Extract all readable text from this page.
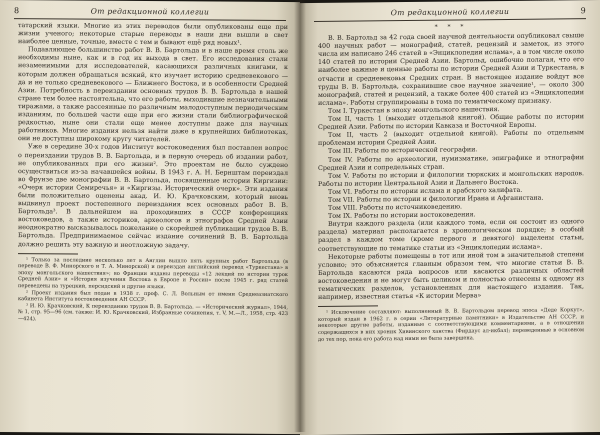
8	От редакционной коллегии

татарский языки. Многие из этих переводов были опубликованы еще при жизни ученого; некоторые старые переводы в наши дни вышли в свет наиболее ценные, точные, вместе с тем и бывают ещё ряд новых¹.

Подавляющее большинство работ В. В. Бартольда и в наше время столь же необходимы ныне, как и в год их выхода в свет. Его исследования стали незаменимыми для исследователей, касающихся различных книгами, к которым должен обращаться всякий, кто изучает историю средневекового — да и не только средневекового — Ближнего Востока, и в особенности Средней Азии. Потребность в переиздании основных трудов В. В. Бартольда в нашей стране тем более настоятельна, что его работы, выходившие незначительными тиражами, а также рассеянные по различным малодоступным периодическим изданиям, по большей части еще при его жизни стали библиографической редкостью, ныне они стали еще менее доступны даже для научных работников. Многие издания нельзя найти даже в крупнейших библиотеках, они не доступны широкому кругу читателей.

Уже в середине 30-х годов Институт востоковедения был поставлен вопрос о переиздании трудов В. В. Бартольда, и в первую очередь об издании работ, не опубликованных при его жизни². Это проектам не было суждено осуществиться из-за начавшейся войны. В 1943 г. А. Н. Бернштам переиздал во Фрунзе две монографии В. В. Бартольда, посвященные истории Киргизии: «Очерк истории Семиречья» и «Киргизы. Исторический очерк». Эти издания были положительно оценены акад. И. Ю. Крачковским, который вновь выдвинул проект постепенного переиздания всех основных работ В. В. Бартольда³. В дальнейшем на проходивших в СССР конференциях востоковедов, а также историков, археологов и этнографов Средней Азии неоднократно высказывалось пожелание о скорейшей публикации трудов В. В. Бартольда. Предпринимаемое сейчас издание сочинений В. В. Бартольда должно решить эту важную и неотложную задачу.

¹ Только за последние несколько лет в Англии вышло пять крупных работ Бартольда (в переводе В. Ф. Минорского и Т. А. Минорской) и переиздан английский перевод «Туркестана» в эпоху монгольского нашествия»; во Франции изданы переводы «12 лекций по истории турок Средней Азии» и «История изучения Востока в Европе и России» после 1945 г. ряд статей переведены на турецкий, персидский и другие языки.

² Проект издания был подан в 1938 г. проф. С. Л. Вольным от имени Среднеазиатского кабинета Института востоковедения АН СССР.

³ И. Ю. Крачковский, К переизданию трудов В. В. Бартольда. — «Исторический журнал», 1944, № 1, стр. 95—96 (см. также: И. Ю. Крачковский, Избранные сочинения, т. V, М.—Л., 1958, стр. 423—424).

От редакционной коллегии	9
* * *

В. В. Бартольд за 42 года своей научной деятельности опубликовал свыше 400 научных работ — монографий, статей, рецензий и заметок, из этого числа им написано 246 статей в «Энциклопедии ислама», а в том числе около 140 статей по истории Средней Азии. Бартольд, ошибочно полагая, что его наиболее важные и ценные работы по истории Средней Азии и Туркестана, в отчасти и средневековья Средних стран. В настоящее издание войдут все труды В. В. Бартольда, сохранившие свое научное значение¹, — около 300 монографий, статей и рецензий, а также более 400 статей из «Энциклопедии ислама». Работы сгруппированы в тома по тематическому признаку.

Том I. Туркестан в эпоху монгольского нашествия.

Том II, часть 1 (выходит отдельной книгой). Общие работы по истории Средней Азии. Работы по истории Кавказа и Восточной Европы.

Том II, часть 2 (выходит отдельной книгой). Работы по отдельным проблемам истории Средней Азии.

Том III. Работы по исторической географии.

Том IV. Работы по археологии, нумизматике, эпиграфике и этнографии Средней Азии и сопредельных стран.

Том V. Работы по истории и филологии тюркских и монгольских народов. Работы по истории Центральной Азии и Дальнего Востока.

Том VI. Работы по истории ислама и арабского халифата.

Том VII. Работы по истории и филологии Ирана и Афганистана.

Том VIII. Работы по источниковедению.

Том IX. Работы по истории востоковедения.

Внутри каждого раздела (или каждого тома, если он состоит из одного раздела) материал располагается в хронологическом порядке; в особый раздел в каждом томе (кроме первого и девятого) выделены статьи, соответствующие по тематике статьи из «Энциклопедии ислама».

Некоторые работы помещены в тот или иной том в значительной степени условно; это объясняется главным образом тем, что многие статьи В. В. Бартольда касаются ряда вопросов или касаются различных областей востоковедения и не могут быть целиком и полностью отнесены к одному из тематических разделов, установленных для настоящего издания. Так, например, известная статья «К истории Мерва»

¹ Исключение составляют: выполненный В. В. Бартольдом перевод эпоса «Деде Коркут», который издан в 1962 г. в серии «Литературные памятники» в Издательстве АН СССР, и некоторые другие работы, изданные с соответствующими комментариями, а в отношении содержащихся в них хроник Хивинского ханства (Фирдаус ал-икбал); переведенные в основном до тех пор, пока его работа над ними не была завершена.
